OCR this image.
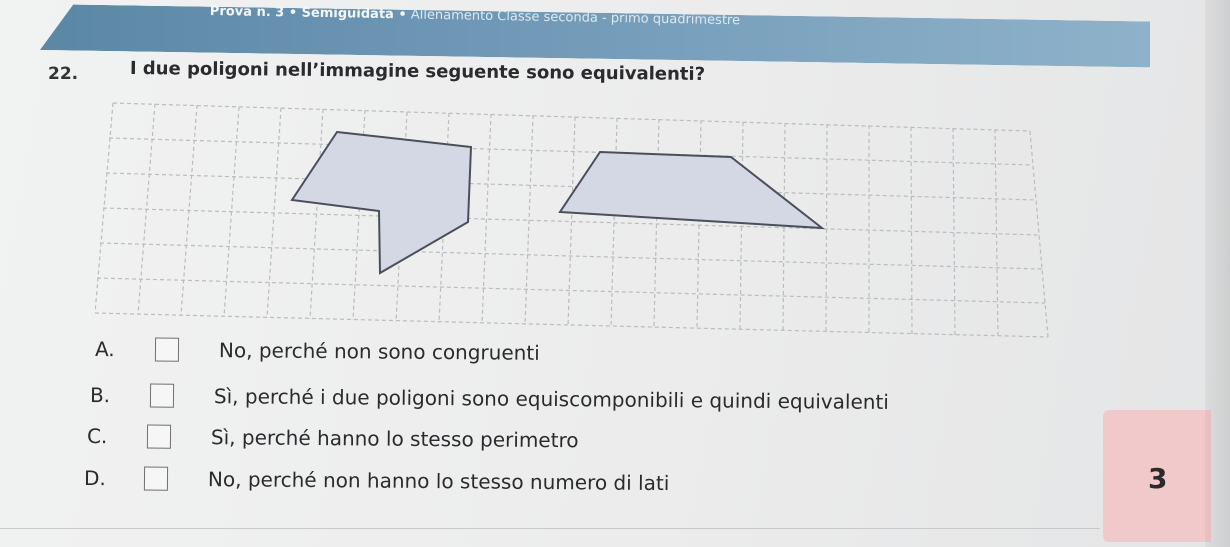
Prova n. 3 • Semiguidata • Allenamento Classe seconda - primo quadrimestre
22.	I due poligoni nell’immagine seguente sono equivalenti?
A.	No, perché non sono congruenti
B.	Sì, perché i due poligoni sono equiscomponibili e quindi equivalenti
C.	Sì, perché hanno lo stesso perimetro
D.	No, perché non hanno lo stesso numero di lati	3
